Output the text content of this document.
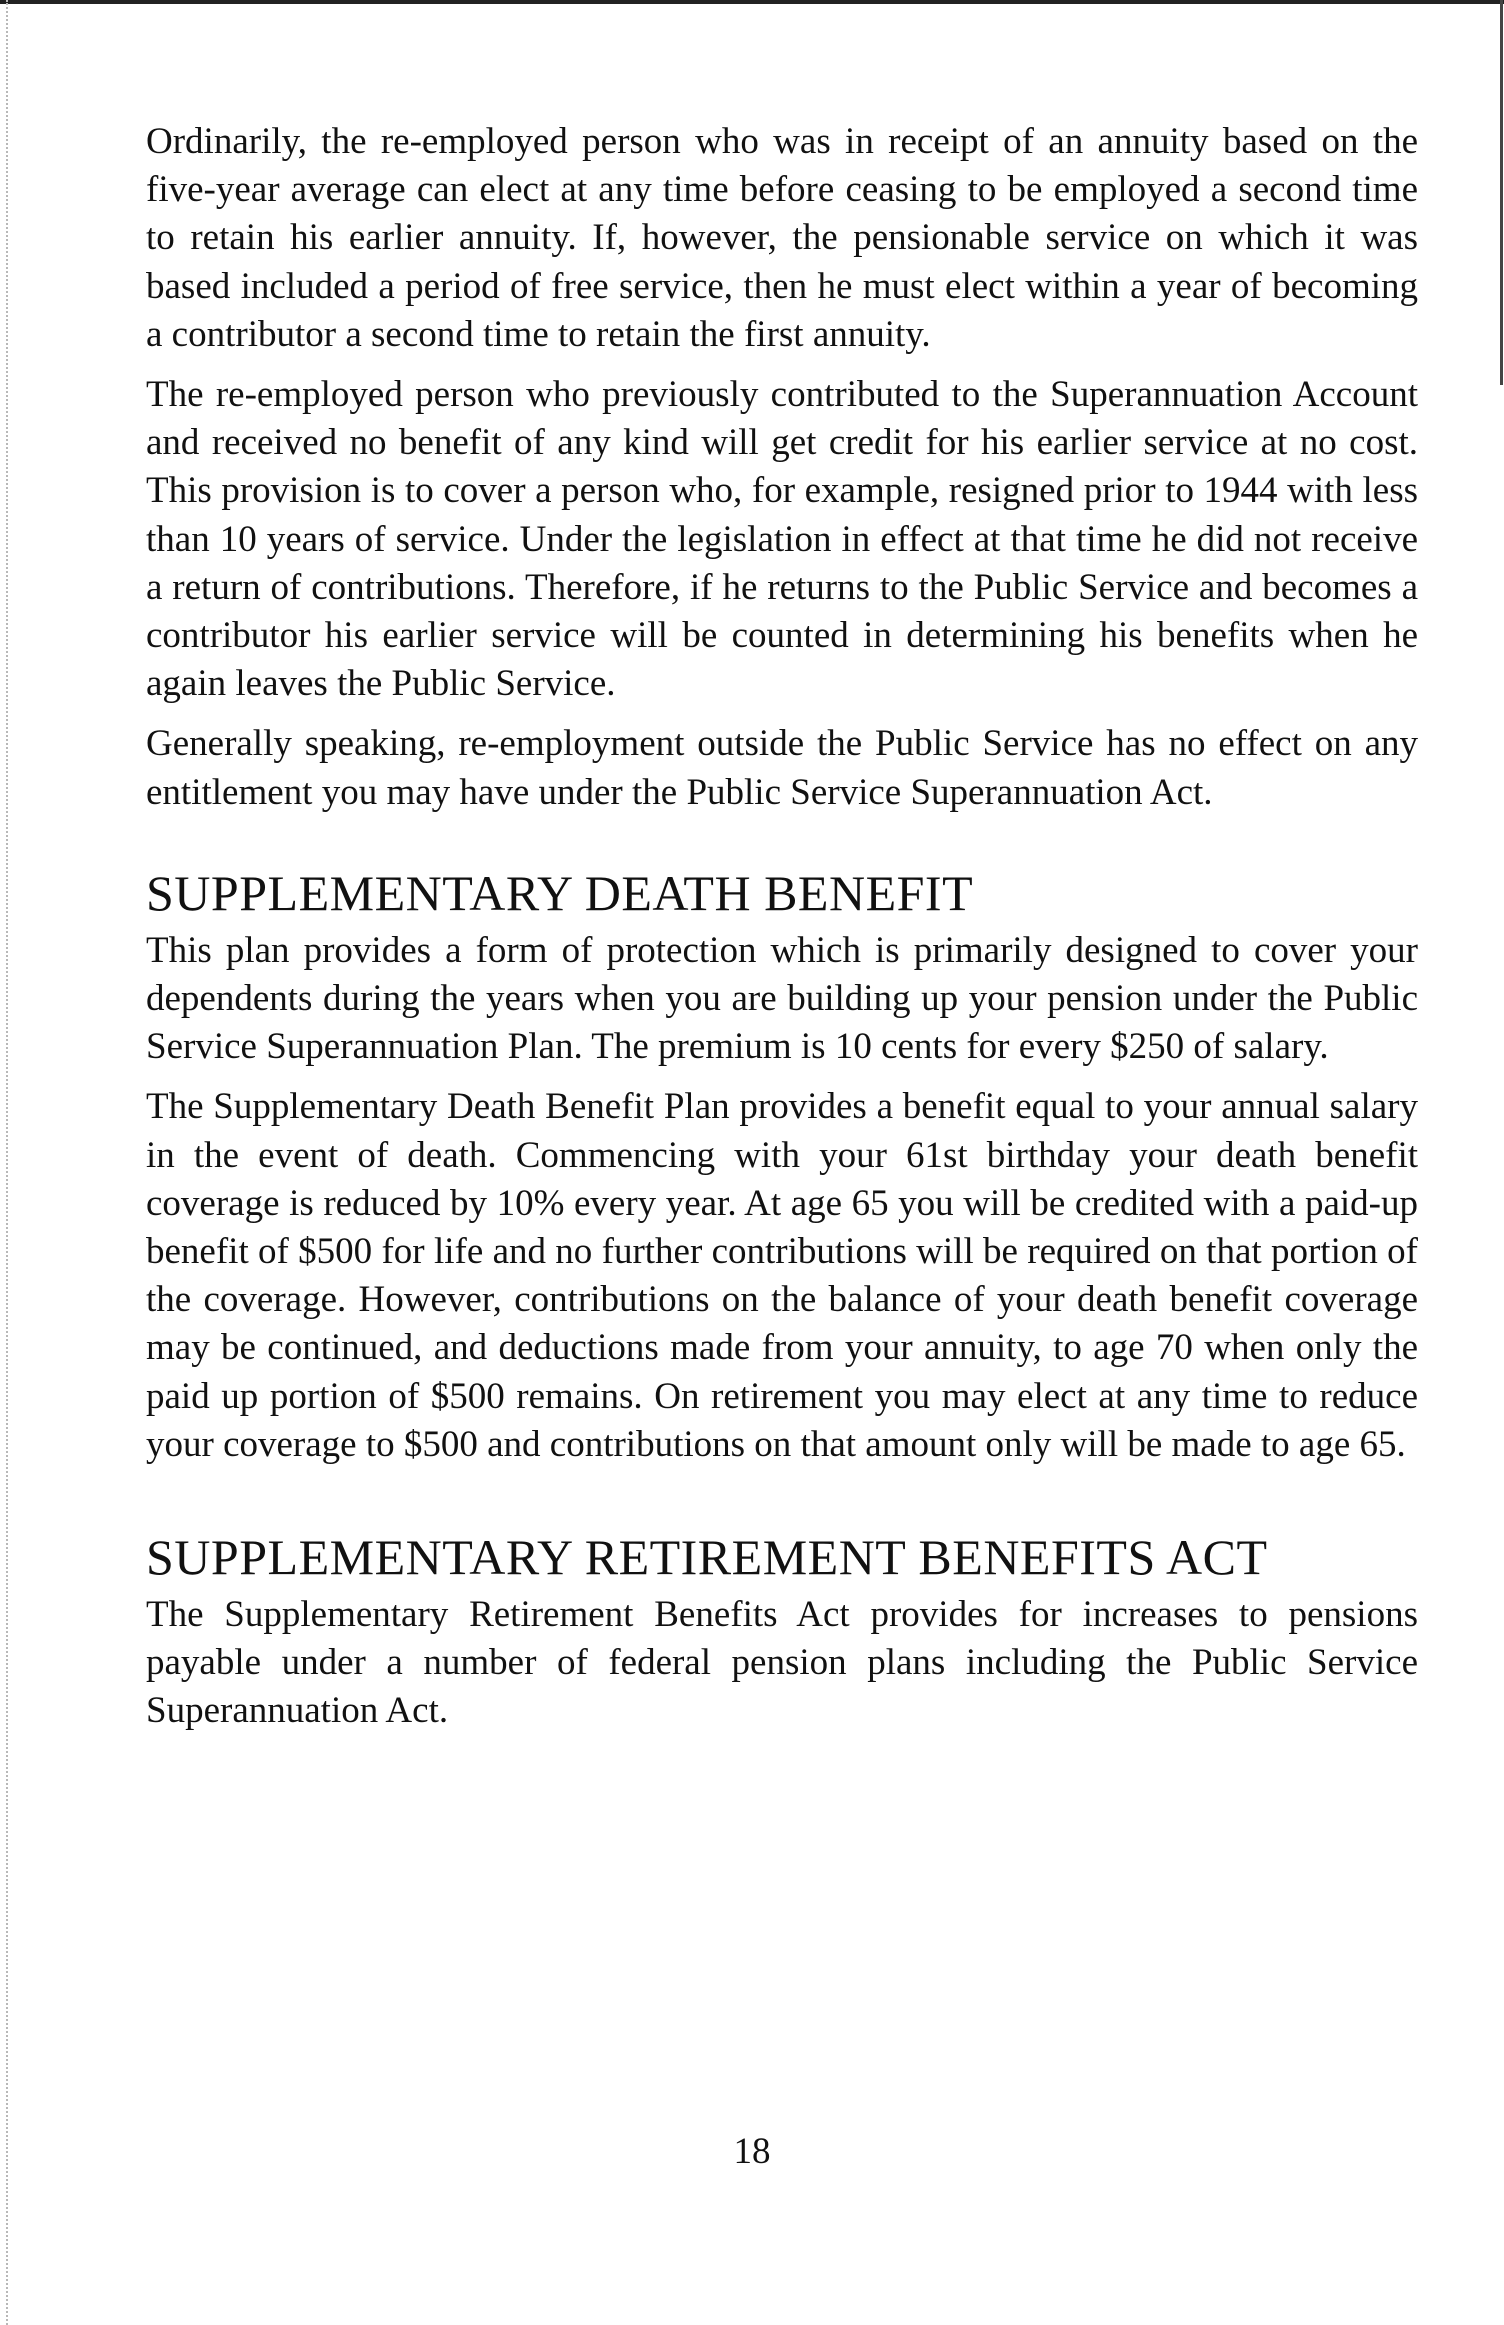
Ordinarily, the re-employed person who was in receipt of an annuity based on the five-year average can elect at any time before ceasing to be employed a second time to retain his earlier annuity. If, however, the pensionable service on which it was based included a period of free service, then he must elect within a year of becoming a contributor a second time to retain the first annuity.

The re-employed person who previously contributed to the Superannuation Account and received no benefit of any kind will get credit for his earlier service at no cost. This provision is to cover a person who, for example, resigned prior to 1944 with less than 10 years of service. Under the legislation in effect at that time he did not receive a return of contributions. Therefore, if he returns to the Public Service and becomes a contributor his earlier service will be counted in determining his benefits when he again leaves the Public Service.

Generally speaking, re-employment outside the Public Service has no effect on any entitlement you may have under the Public Service Superannuation Act.

SUPPLEMENTARY DEATH BENEFIT

This plan provides a form of protection which is primarily designed to cover your dependents during the years when you are building up your pension under the Public Service Superannuation Plan. The premium is 10 cents for every $250 of salary.

The Supplementary Death Benefit Plan provides a benefit equal to your annual salary in the event of death. Commencing with your 61st birthday your death benefit coverage is reduced by 10% every year. At age 65 you will be credited with a paid-up benefit of $500 for life and no further contributions will be required on that portion of the coverage. However, contributions on the balance of your death benefit coverage may be continued, and deductions made from your annuity, to age 70 when only the paid up portion of $500 remains. On retirement you may elect at any time to reduce your coverage to $500 and contributions on that amount only will be made to age 65.

SUPPLEMENTARY RETIREMENT BENEFITS ACT

The Supplementary Retirement Benefits Act provides for increases to pensions payable under a number of federal pension plans including the Public Service Superannuation Act.

18
